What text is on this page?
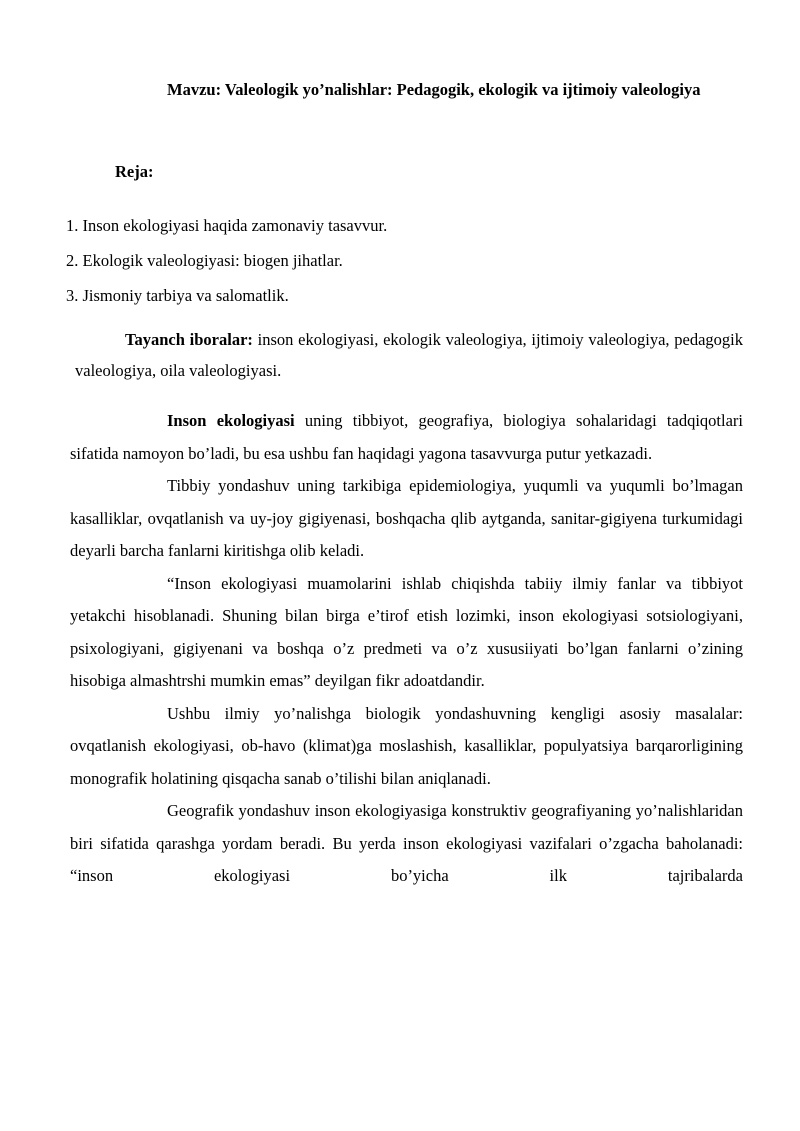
Mavzu: Valeologik yo’nalishlar: Pedagogik, ekologik va ijtimoiy valeologiya
Reja:
1. Inson ekologiyasi haqida zamonaviy tasavvur.
2. Ekologik valeologiyasi: biogen jihatlar.
3. Jismoniy tarbiya va salomatlik.
Tayanch iboralar: inson ekologiyasi, ekologik valeologiya, ijtimoiy valeologiya, pedagogik valeologiya, oila valeologiyasi.

Inson ekologiyasi uning tibbiyot, geografiya, biologiya sohalaridagi tadqiqotlari sifatida namoyon bo’ladi, bu esa ushbu fan haqidagi yagona tasavvurga putur yetkazadi.

Tibbiy yondashuv uning tarkibiga epidemiologiya, yuqumli va yuqumli bo’lmagan kasalliklar, ovqatlanish va uy-joy gigiyenasi, boshqacha qlib aytganda, sanitar-gigiyena turkumidagi deyarli barcha fanlarni kiritishga olib keladi.

“Inson ekologiyasi muamolarini ishlab chiqishda tabiiy ilmiy fanlar va tibbiyot yetakchi hisoblanadi. Shuning bilan birga e’tirof etish lozimki, inson ekologiyasi sotsiologiyani, psixologiyani, gigiyenani va boshqa o’z predmeti va o’z xususiiyati bo’lgan fanlarni o’zining hisobiga almashtrshi mumkin emas” deyilgan fikr adoatdandir.

Ushbu ilmiy yo’nalishga biologik yondashuvning kengligi asosiy masalalar: ovqatlanish ekologiyasi, ob-havo (klimat)ga moslashish, kasalliklar, populyatsiya barqarorligining monografik holatining qisqacha sanab o’tilishi bilan aniqlanadi.

Geografik yondashuv inson ekologiyasiga konstruktiv geografiyaning yo’nalishlaridan biri sifatida qarashga yordam beradi. Bu yerda inson ekologiyasi vazifalari o’zgacha baholanadi: “inson ekologiyasi bo’yicha ilk tajribalarda
